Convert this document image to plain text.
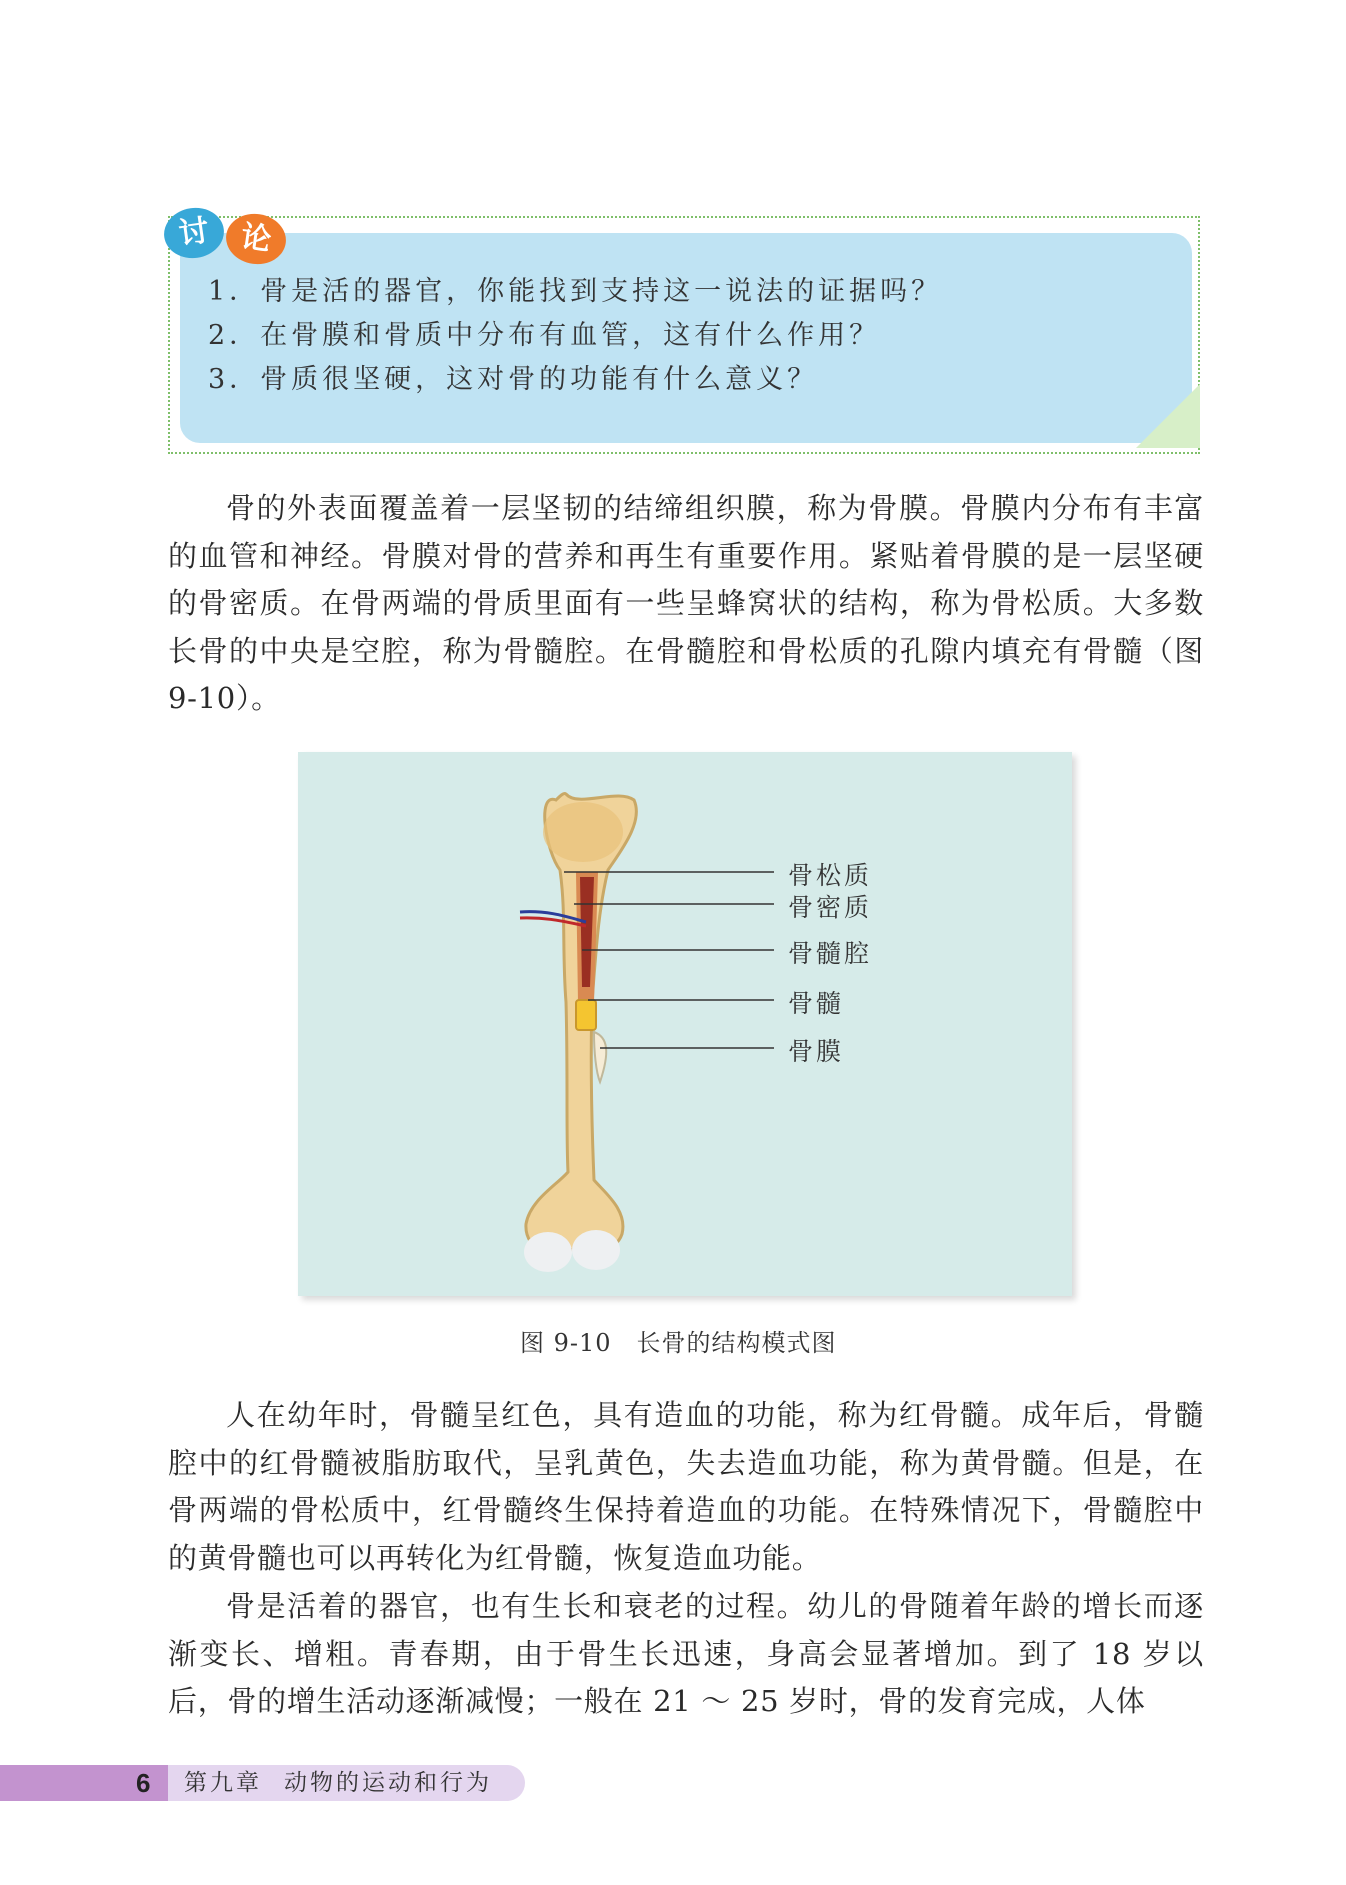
讨 论
1．骨是活的器官，你能找到支持这一说法的证据吗？
2．在骨膜和骨质中分布有血管，这有什么作用？
3．骨质很坚硬，这对骨的功能有什么意义？

骨的外表面覆盖着一层坚韧的结缔组织膜，称为骨膜。骨膜内分布有丰富的血管和神经。骨膜对骨的营养和再生有重要作用。紧贴着骨膜的是一层坚硬的骨密质。在骨两端的骨质里面有一些呈蜂窝状的结构，称为骨松质。大多数长骨的中央是空腔，称为骨髓腔。在骨髓腔和骨松质的孔隙内填充有骨髓（图 9-10）。

骨松质
骨密质
骨髓腔
骨髓
骨膜
图 9-10　长骨的结构模式图

人在幼年时，骨髓呈红色，具有造血的功能，称为红骨髓。成年后，骨髓腔中的红骨髓被脂肪取代，呈乳黄色，失去造血功能，称为黄骨髓。但是，在骨两端的骨松质中，红骨髓终生保持着造血的功能。在特殊情况下，骨髓腔中的黄骨髓也可以再转化为红骨髓，恢复造血功能。

骨是活着的器官，也有生长和衰老的过程。幼儿的骨随着年龄的增长而逐渐变长、增粗。青春期，由于骨生长迅速，身高会显著增加。到了 18 岁以后，骨的增生活动逐渐减慢；一般在 21 ～ 25 岁时，骨的发育完成，人体

6 第九章 动物的运动和行为
